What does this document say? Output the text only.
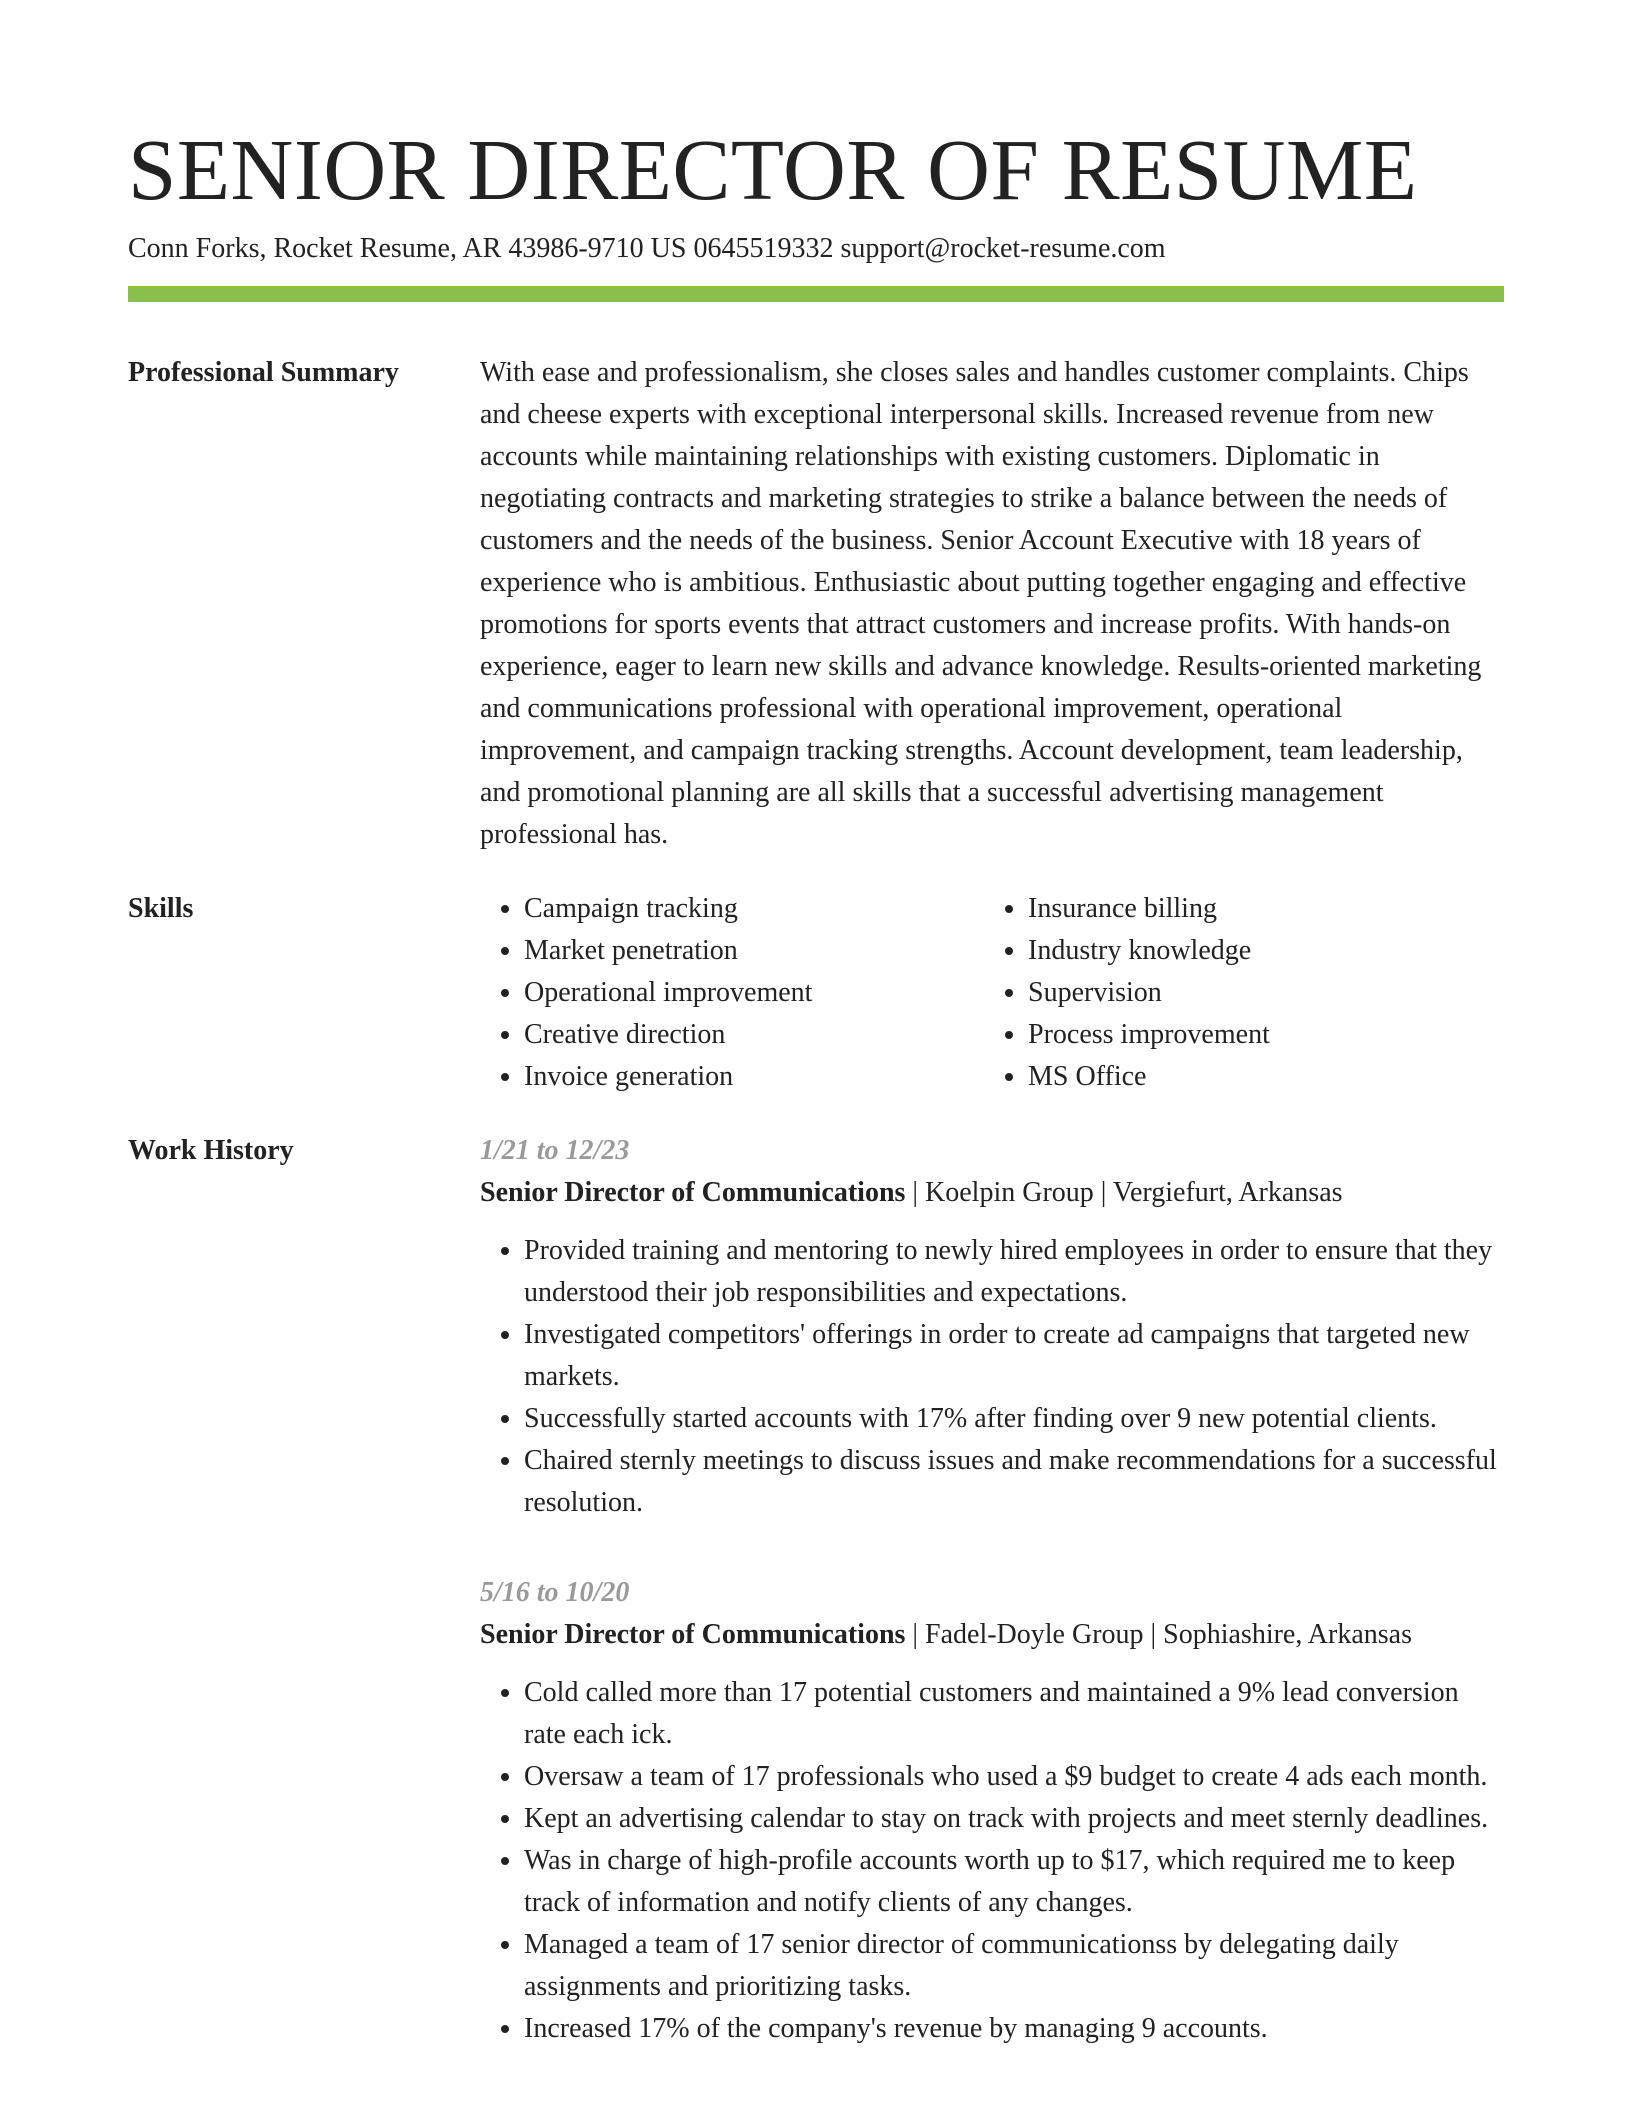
SENIOR DIRECTOR OF RESUME
Conn Forks, Rocket Resume, AR 43986-9710 US 0645519332 support@rocket-resume.com
Professional Summary	With ease and professionalism, she closes sales and handles customer complaints. Chips and cheese experts with exceptional interpersonal skills. Increased revenue from new accounts while maintaining relationships with existing customers. Diplomatic in negotiating contracts and marketing strategies to strike a balance between the needs of customers and the needs of the business. Senior Account Executive with 18 years of experience who is ambitious. Enthusiastic about putting together engaging and effective promotions for sports events that attract customers and increase profits. With hands-on experience, eager to learn new skills and advance knowledge. Results-oriented marketing and communications professional with operational improvement, operational improvement, and campaign tracking strengths. Account development, team leadership, and promotional planning are all skills that a successful advertising management professional has.

Skills
•	Campaign tracking
• Market penetration
• Operational improvement
• Creative direction
• Invoice generation
• Insurance billing
• Industry knowledge
• Supervision
• Process improvement
• MS Office
Work History	1/21 to 12/23
Senior Director of Communications | Koelpin Group | Vergiefurt, Arkansas
• Provided training and mentoring to newly hired employees in order to ensure that they understood their job responsibilities and expectations.
• Investigated competitors' offerings in order to create ad campaigns that targeted new markets.
• Successfully started accounts with 17% after finding over 9 new potential clients.
• Chaired sternly meetings to discuss issues and make recommendations for a successful resolution.
5/16 to 10/20
Senior Director of Communications | Fadel-Doyle Group | Sophiashire, Arkansas
• Cold called more than 17 potential customers and maintained a 9% lead conversion rate each ick.
• Oversaw a team of 17 professionals who used a $9 budget to create 4 ads each month.
• Kept an advertising calendar to stay on track with projects and meet sternly deadlines.
• Was in charge of high-profile accounts worth up to $17, which required me to keep track of information and notify clients of any changes.
• Managed a team of 17 senior director of communicationss by delegating daily assignments and prioritizing tasks.
• Increased 17% of the company's revenue by managing 9 accounts.
